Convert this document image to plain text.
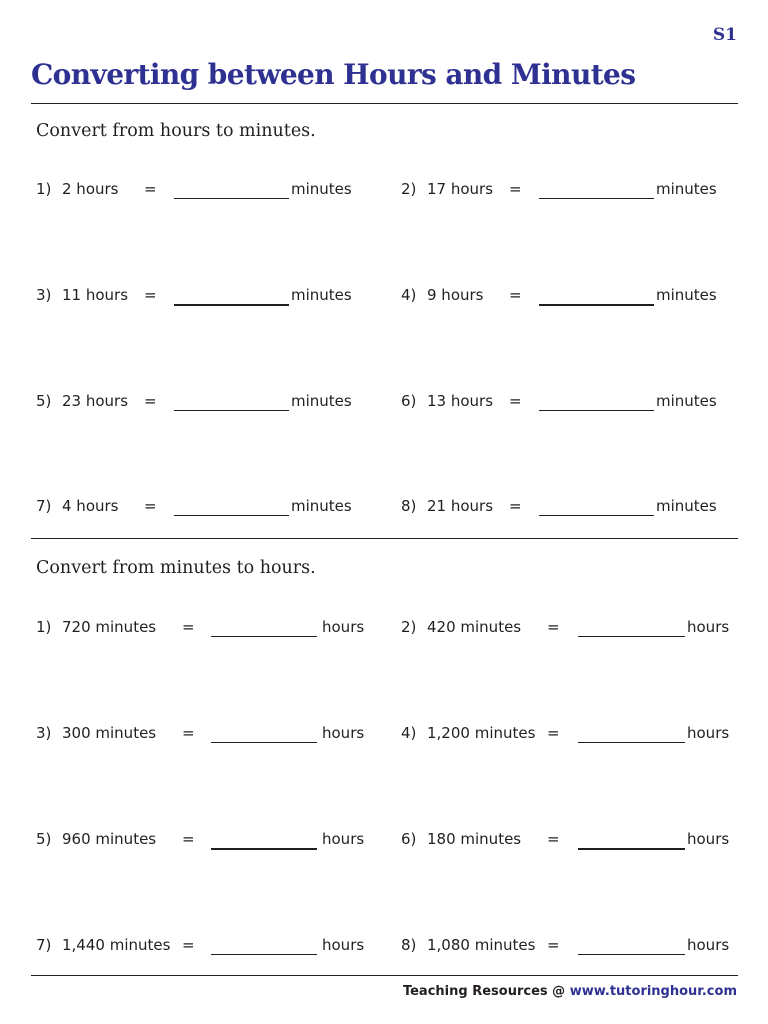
S1
Converting between Hours and Minutes
Convert from hours to minutes.
1) 2 hours =	minutes	2) 17 hours =	minutes
3) 11 hours =	minutes	4) 9 hours =	minutes
5) 23 hours =	minutes	6) 13 hours =	minutes
7) 4 hours =	minutes	8) 21 hours =	minutes
Convert from minutes to hours.
1) 720 minutes =	hours 2) 420 minutes =	hours
3) 300 minutes =	hours 4) 1,200 minutes =	hours
5) 960 minutes =	hours 6) 180 minutes =	hours
7) 1,440 minutes =	hours 8) 1,080 minutes =	hours
Teaching Resources @ www.tutoringhour.com
